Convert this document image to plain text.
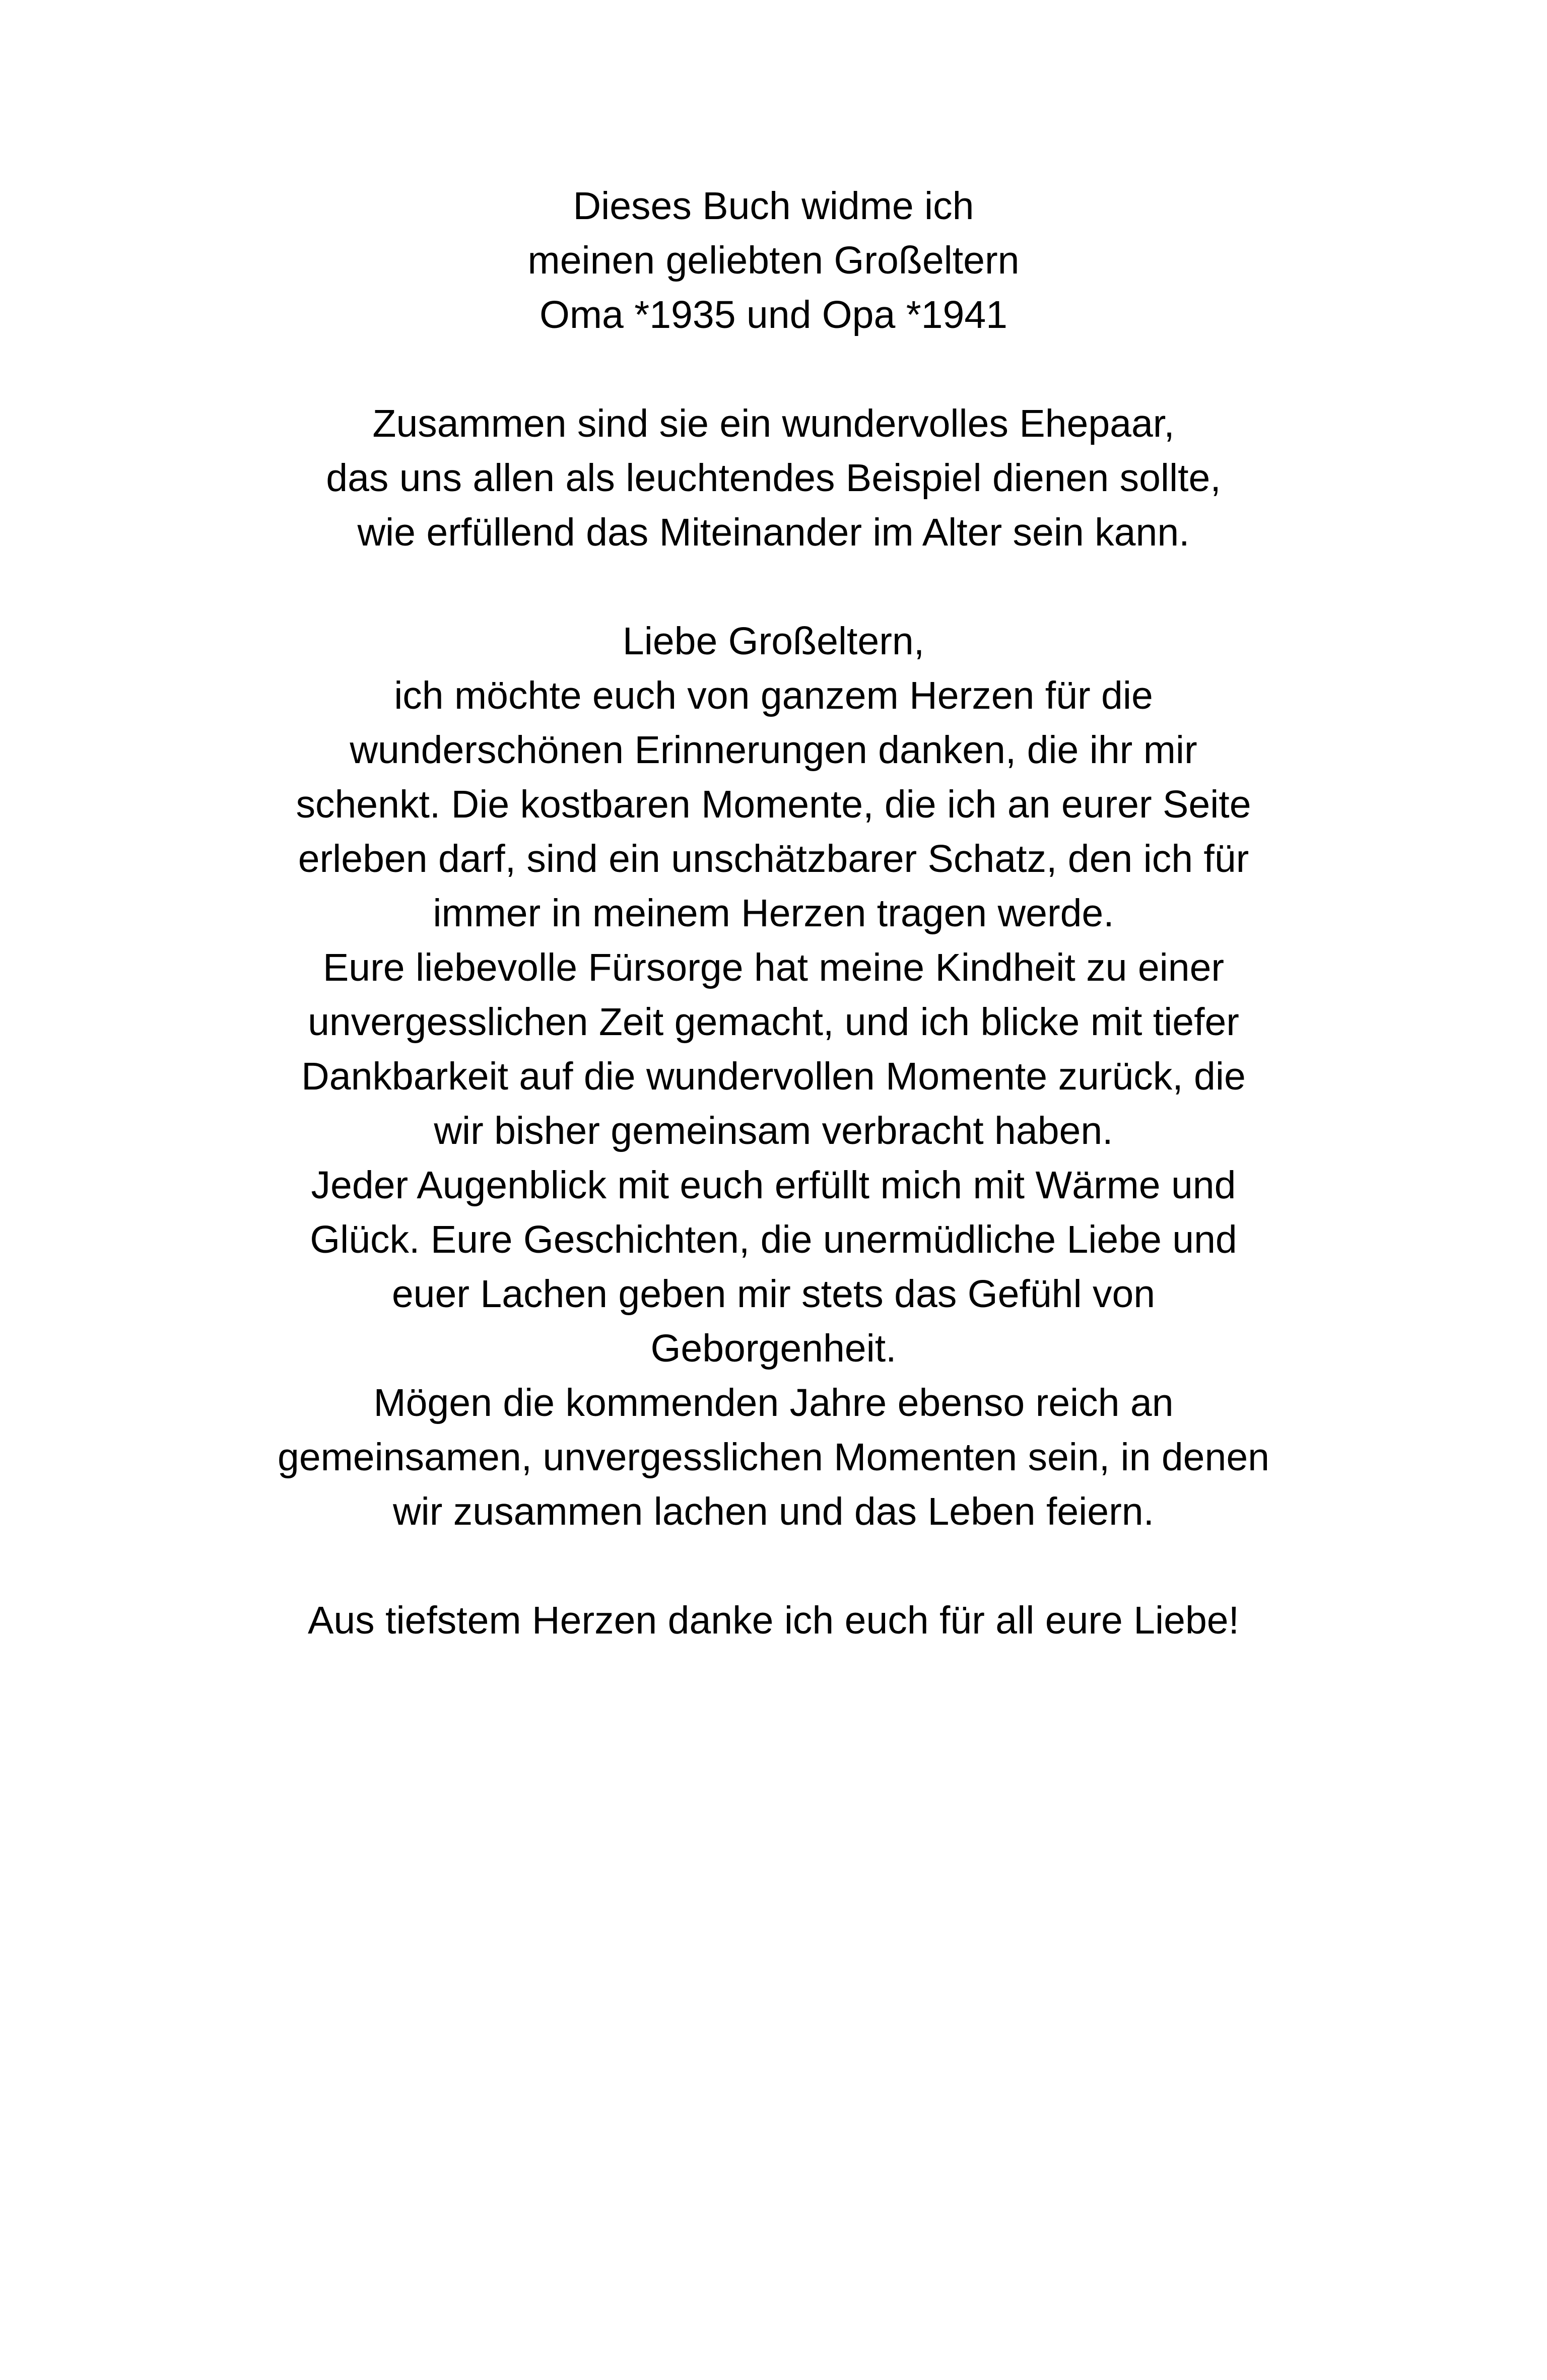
Dieses Buch widme ich
meinen geliebten Großeltern
Oma *1935 und Opa *1941
Zusammen sind sie ein wundervolles Ehepaar,
das uns allen als leuchtendes Beispiel dienen sollte,
wie erfüllend das Miteinander im Alter sein kann.
Liebe Großeltern,
ich möchte euch von ganzem Herzen für die
wunderschönen Erinnerungen danken, die ihr mir
schenkt. Die kostbaren Momente, die ich an eurer Seite
erleben darf, sind ein unschätzbarer Schatz, den ich für
immer in meinem Herzen tragen werde.
Eure liebevolle Fürsorge hat meine Kindheit zu einer
unvergesslichen Zeit gemacht, und ich blicke mit tiefer
Dankbarkeit auf die wundervollen Momente zurück, die
wir bisher gemeinsam verbracht haben.
Jeder Augenblick mit euch erfüllt mich mit Wärme und
Glück. Eure Geschichten, die unermüdliche Liebe und
euer Lachen geben mir stets das Gefühl von
Geborgenheit.
Mögen die kommenden Jahre ebenso reich an
gemeinsamen, unvergesslichen Momenten sein, in denen
wir zusammen lachen und das Leben feiern.
Aus tiefstem Herzen danke ich euch für all eure Liebe!
